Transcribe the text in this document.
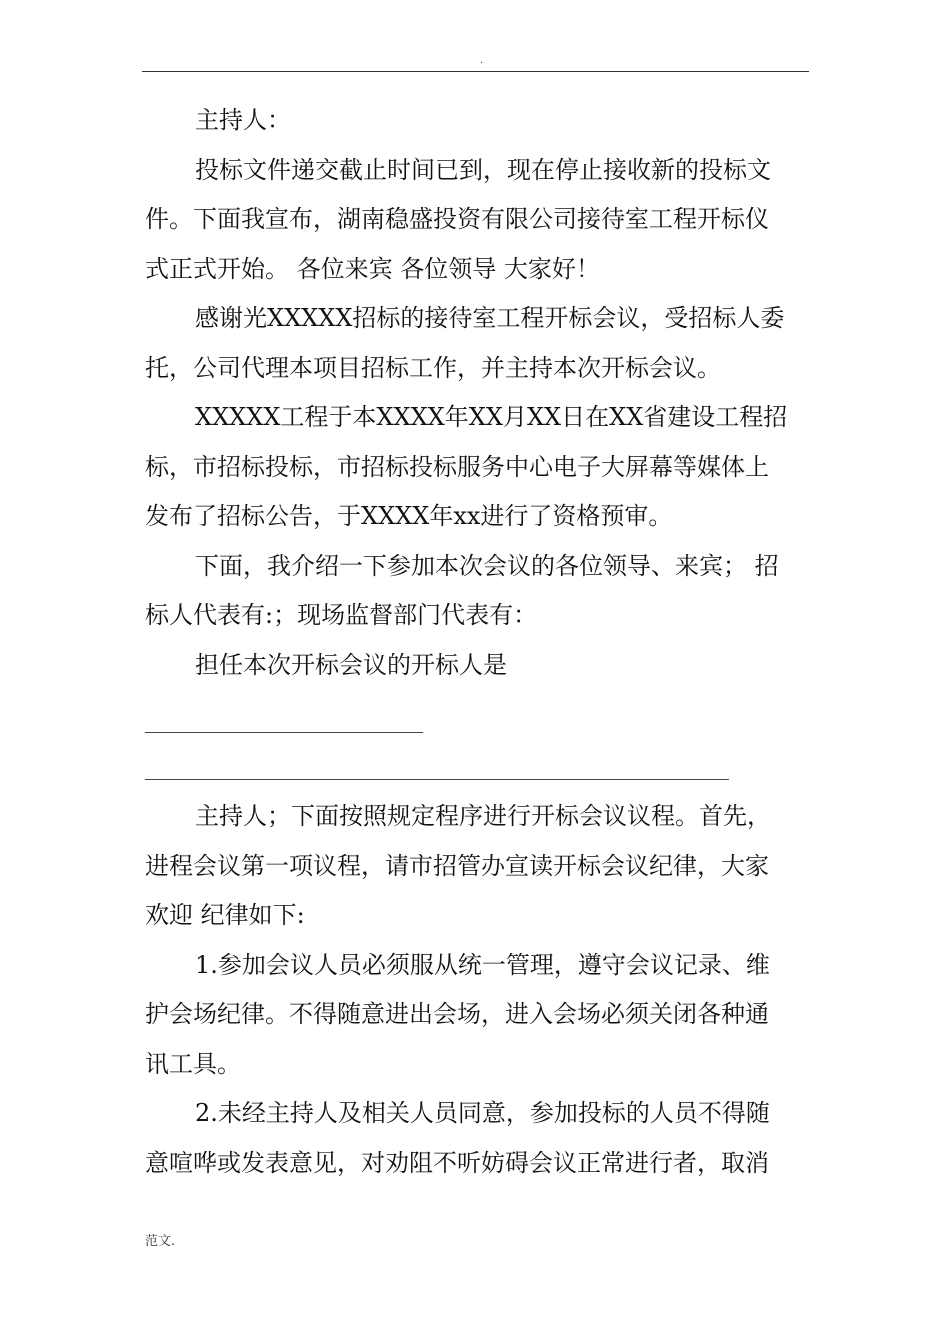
.
主持人：
投标文件递交截止时间已到，现在停止接收新的投标文
件。下面我宣布，湖南稳盛投资有限公司接待室工程开标仪
式正式开始。 各位来宾 各位领导 大家好！
感谢光XXXXX招标的接待室工程开标会议，受招标人委
托，公司代理本项目招标工作，并主持本次开标会议。
XXXXX工程于本XXXX年XX月XX日在XX省建设工程招
标，市招标投标，市招标投标服务中心电子大屏幕等媒体上
发布了招标公告，于XXXX年xx进行了资格预审。
下面，我介绍一下参加本次会议的各位领导、来宾； 招
标人代表有:；现场监督部门代表有：
担任本次开标会议的开标人是
主持人；下面按照规定程序进行开标会议议程。首先，
进程会议第一项议程，请市招管办宣读开标会议纪律，大家
欢迎 纪律如下:
1.参加会议人员必须服从统一管理，遵守会议记录、维
护会场纪律。不得随意进出会场，进入会场必须关闭各种通
讯工具。
2.未经主持人及相关人员同意，参加投标的人员不得随
意喧哗或发表意见，对劝阻不听妨碍会议正常进行者，取消
范文.
